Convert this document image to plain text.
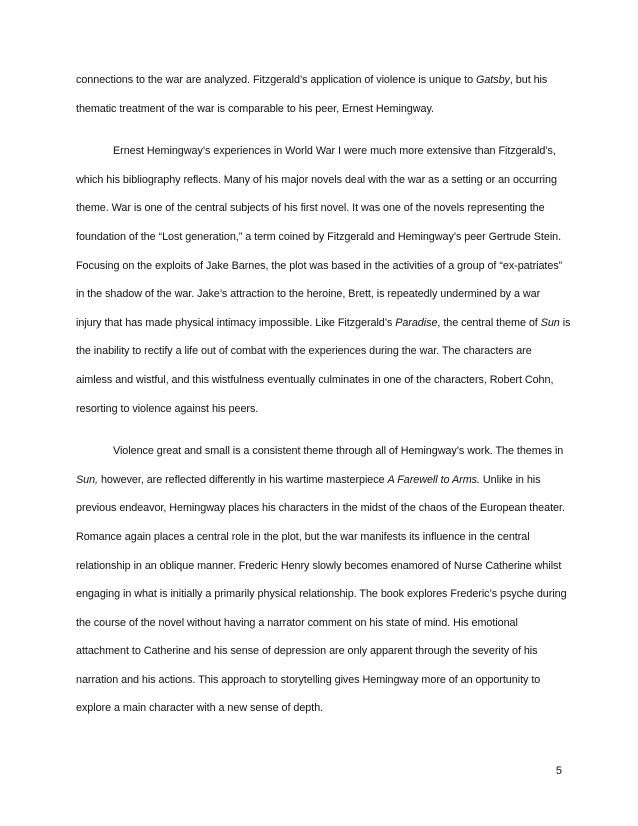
connections to the war are analyzed. Fitzgerald’s application of violence is unique to Gatsby, but his
thematic treatment of the war is comparable to his peer, Ernest Hemingway.
Ernest Hemingway’s experiences in World War I were much more extensive than Fitzgerald’s,
which his bibliography reflects. Many of his major novels deal with the war as a setting or an occurring
theme. War is one of the central subjects of his first novel. It was one of the novels representing the
foundation of the “Lost generation,” a term coined by Fitzgerald and Hemingway’s peer Gertrude Stein.
Focusing on the exploits of Jake Barnes, the plot was based in the activities of a group of “ex-patriates”
in the shadow of the war. Jake’s attraction to the heroine, Brett, is repeatedly undermined by a war
injury that has made physical intimacy impossible. Like Fitzgerald’s Paradise, the central theme of Sun is
the inability to rectify a life out of combat with the experiences during the war. The characters are
aimless and wistful, and this wistfulness eventually culminates in one of the characters, Robert Cohn,
resorting to violence against his peers.
Violence great and small is a consistent theme through all of Hemingway’s work. The themes in
Sun, however, are reflected differently in his wartime masterpiece A Farewell to Arms. Unlike in his
previous endeavor, Hemingway places his characters in the midst of the chaos of the European theater.
Romance again places a central role in the plot, but the war manifests its influence in the central
relationship in an oblique manner. Frederic Henry slowly becomes enamored of Nurse Catherine whilst
engaging in what is initially a primarily physical relationship. The book explores Frederic’s psyche during
the course of the novel without having a narrator comment on his state of mind. His emotional
attachment to Catherine and his sense of depression are only apparent through the severity of his
narration and his actions. This approach to storytelling gives Hemingway more of an opportunity to
explore a main character with a new sense of depth.
5
